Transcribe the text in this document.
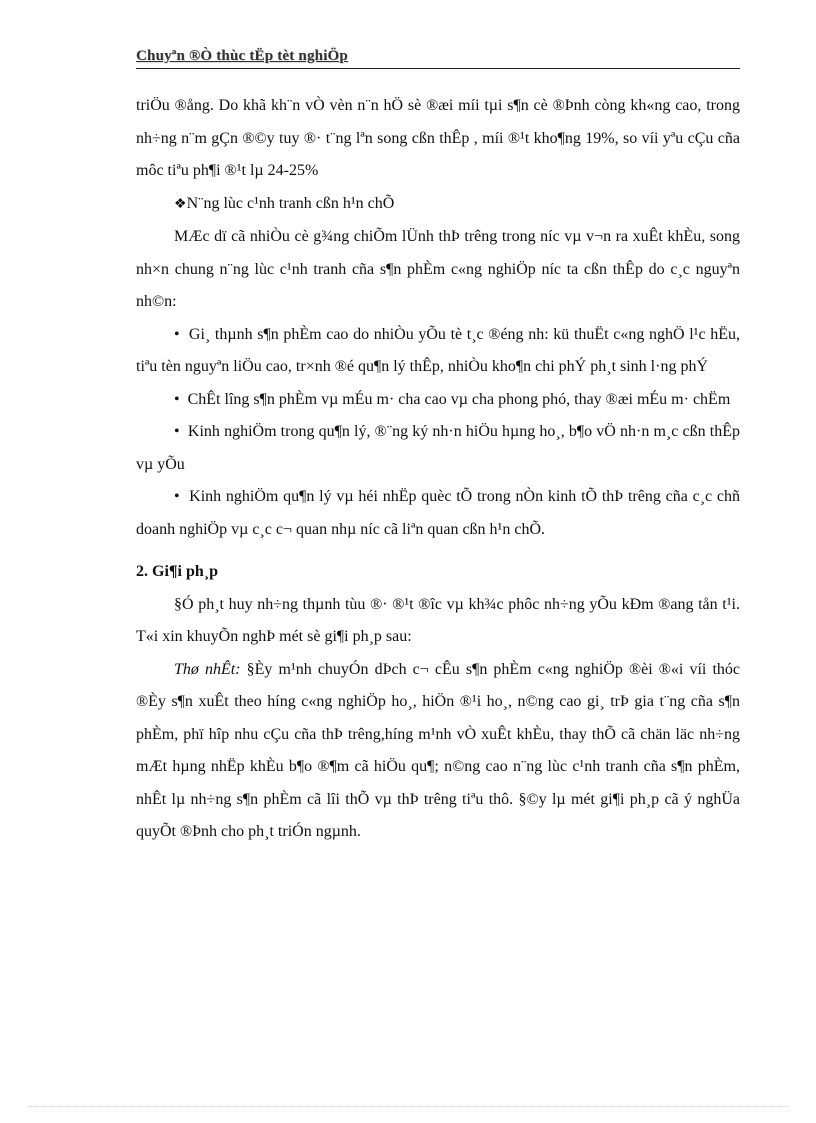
Chuyªn ®Ò thùc tËp tèt nghiÖp

triÖu ®ång. Do khã kh¨n vÒ vèn n¨n hÖ sè ®æi míi tµi s¶n cè ®Þnh còng kh«ng cao, trong nh÷ng n¨m gÇn ®©y tuy ®· t¨ng lªn song cßn thÊp , míi ®¹t kho¶ng 19%, so víi yªu cÇu cña môc tiªu ph¶i ®¹t lµ 24-25%

❖N¨ng lùc c¹nh tranh cßn h¹n chÕ

MÆc dï cã nhiÒu cè g¾ng chiÕm lÜnh thÞ trêng trong níc vµ v¬n ra xuÊt khÈu, song nh×n chung n¨ng lùc c¹nh tranh cña s¶n phÈm c«ng nghiÖp níc ta cßn thÊp do c¸c nguyªn nh©n:

• Gi¸ thµnh s¶n phÈm cao do nhiÒu yÕu tè t¸c ®éng nh: kü thuËt c«ng nghÖ l¹c hËu, tiªu tèn nguyªn liÖu cao, tr×nh ®é qu¶n lý thÊp, nhiÒu kho¶n chi phÝ ph¸t sinh l·ng phÝ

• ChÊt lîng s¶n phÈm vµ mÉu m· cha cao vµ cha phong phó, thay ®æi mÉu m· chËm

• Kinh nghiÖm trong qu¶n lý, ®¨ng ký nh·n hiÖu hµng ho¸, b¶o vÖ nh·n m¸c cßn thÊp vµ yÕu

• Kinh nghiÖm qu¶n lý vµ héi nhËp quèc tÕ trong nÒn kinh tÕ thÞ trêng cña c¸c chñ doanh nghiÖp vµ c¸c c¬ quan nhµ níc cã liªn quan cßn h¹n chÕ.

2. Gi¶i ph¸p

§Ó ph¸t huy nh÷ng thµnh tùu ®· ®¹t ®îc vµ kh¾c phôc nh÷ng yÕu kÐm ®ang tån t¹i. T«i xin khuyÕn nghÞ mét sè gi¶i ph¸p sau:

Thø nhÊt: §Èy m¹nh chuyÓn dÞch c¬ cÊu s¶n phÈm c«ng nghiÖp ®èi ®«i víi thóc ®Èy s¶n xuÊt theo híng c«ng nghiÖp ho¸, hiÖn ®¹i ho¸, n©ng cao gi¸ trÞ gia t¨ng cña s¶n phÈm, phï hîp nhu cÇu cña thÞ trêng,híng m¹nh vÒ xuÊt khÈu, thay thÕ cã chän läc nh÷ng mÆt hµng nhËp khÈu b¶o ®¶m cã hiÖu qu¶; n©ng cao n¨ng lùc c¹nh tranh cña s¶n phÈm, nhÊt lµ nh÷ng s¶n phÈm cã lîi thÕ vµ thÞ trêng tiªu thô. §©y lµ mét gi¶i ph¸p cã ý nghÜa quyÕt ®Þnh cho ph¸t triÓn ngµnh.
